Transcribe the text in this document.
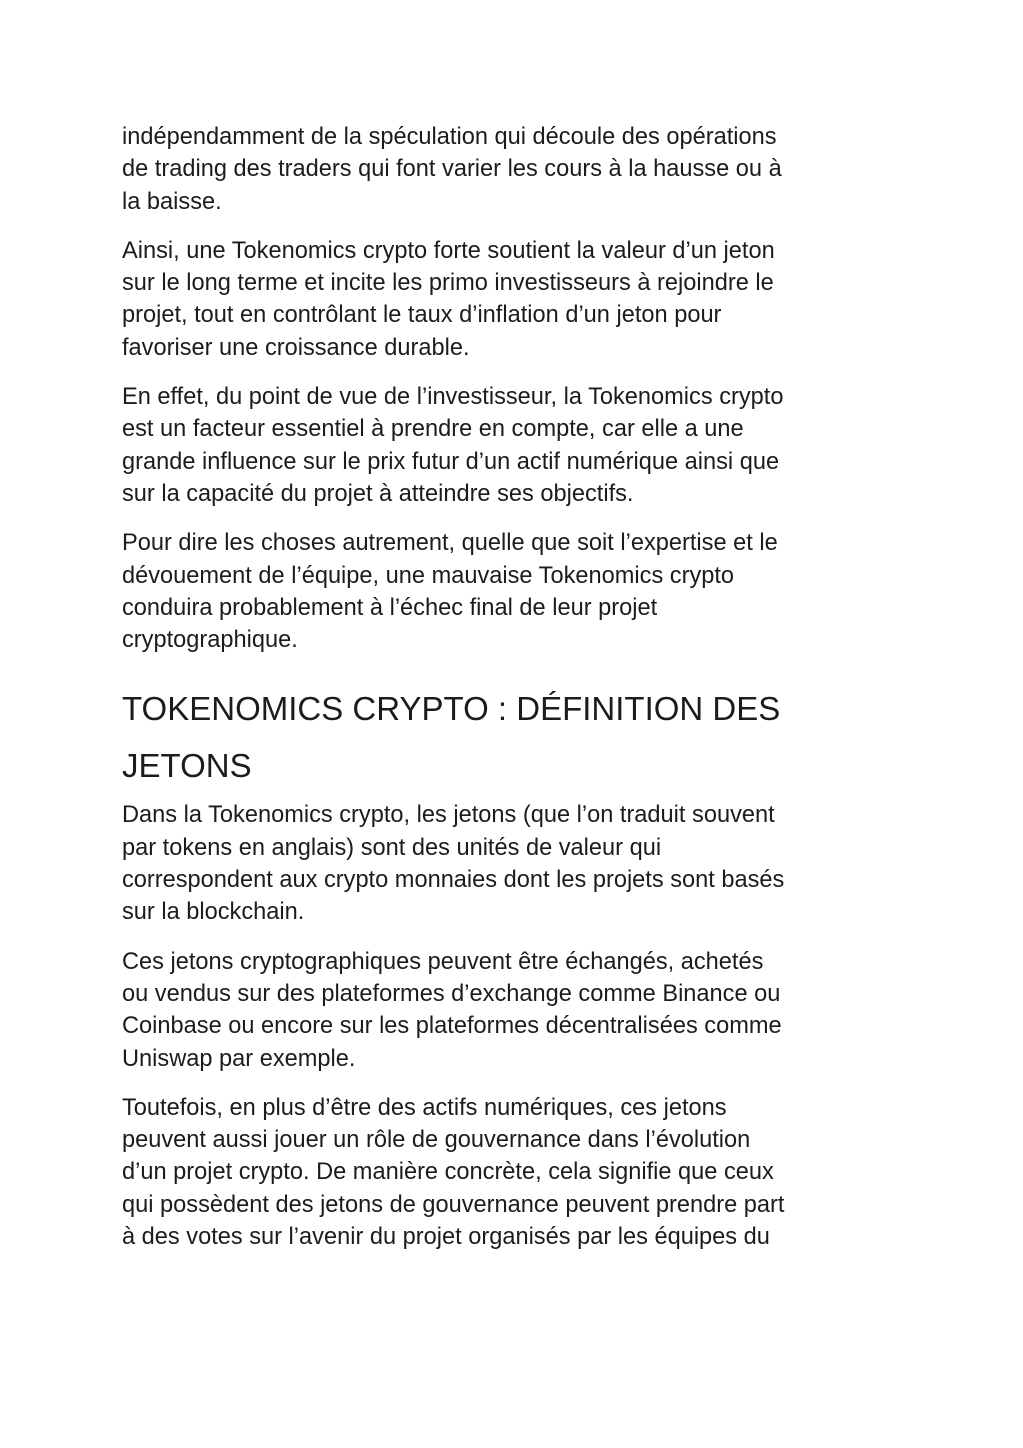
indépendamment de la spéculation qui découle des opérations
de trading des traders qui font varier les cours à la hausse ou à
la baisse.

Ainsi, une Tokenomics crypto forte soutient la valeur d’un jeton
sur le long terme et incite les primo investisseurs à rejoindre le
projet, tout en contrôlant le taux d’inflation d’un jeton pour
favoriser une croissance durable.

En effet, du point de vue de l’investisseur, la Tokenomics crypto
est un facteur essentiel à prendre en compte, car elle a une
grande influence sur le prix futur d’un actif numérique ainsi que
sur la capacité du projet à atteindre ses objectifs.

Pour dire les choses autrement, quelle que soit l’expertise et le
dévouement de l’équipe, une mauvaise Tokenomics crypto
conduira probablement à l’échec final de leur projet
cryptographique.

TOKENOMICS CRYPTO : DÉFINITION DES
JETONS

Dans la Tokenomics crypto, les jetons (que l’on traduit souvent
par tokens en anglais) sont des unités de valeur qui
correspondent aux crypto monnaies dont les projets sont basés
sur la blockchain.

Ces jetons cryptographiques peuvent être échangés, achetés
ou vendus sur des plateformes d’exchange comme Binance ou
Coinbase ou encore sur les plateformes décentralisées comme
Uniswap par exemple.

Toutefois, en plus d’être des actifs numériques, ces jetons
peuvent aussi jouer un rôle de gouvernance dans l’évolution
d’un projet crypto. De manière concrète, cela signifie que ceux
qui possèdent des jetons de gouvernance peuvent prendre part
à des votes sur l’avenir du projet organisés par les équipes du
